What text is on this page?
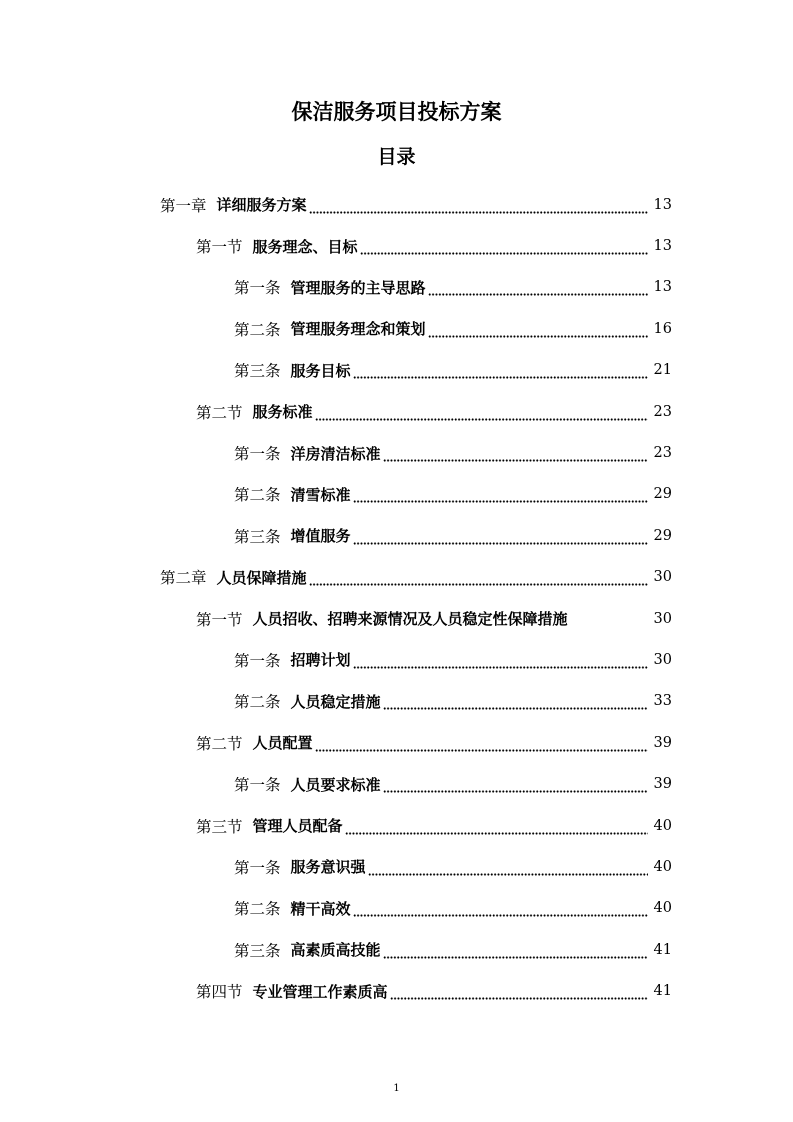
保洁服务项目投标方案
目录
第一章 详细服务方案	13
第一节 服务理念、目标	13
第一条 管理服务的主导思路	13
第二条 管理服务理念和策划	16
第三条 服务目标	21
第二节 服务标准	23
第一条 洋房清洁标准	23
第二条 清雪标准	29
第三条 增值服务	29
第二章 人员保障措施	30
第一节 人员招收、招聘来源情况及人员稳定性保障措施	30
第一条 招聘计划	30
第二条 人员稳定措施	33
第二节 人员配置	39
第一条 人员要求标准	39
第三节 管理人员配备	40
第一条 服务意识强	40
第二条 精干高效	40
第三条 高素质高技能	41
第四节 专业管理工作素质高	41
1
